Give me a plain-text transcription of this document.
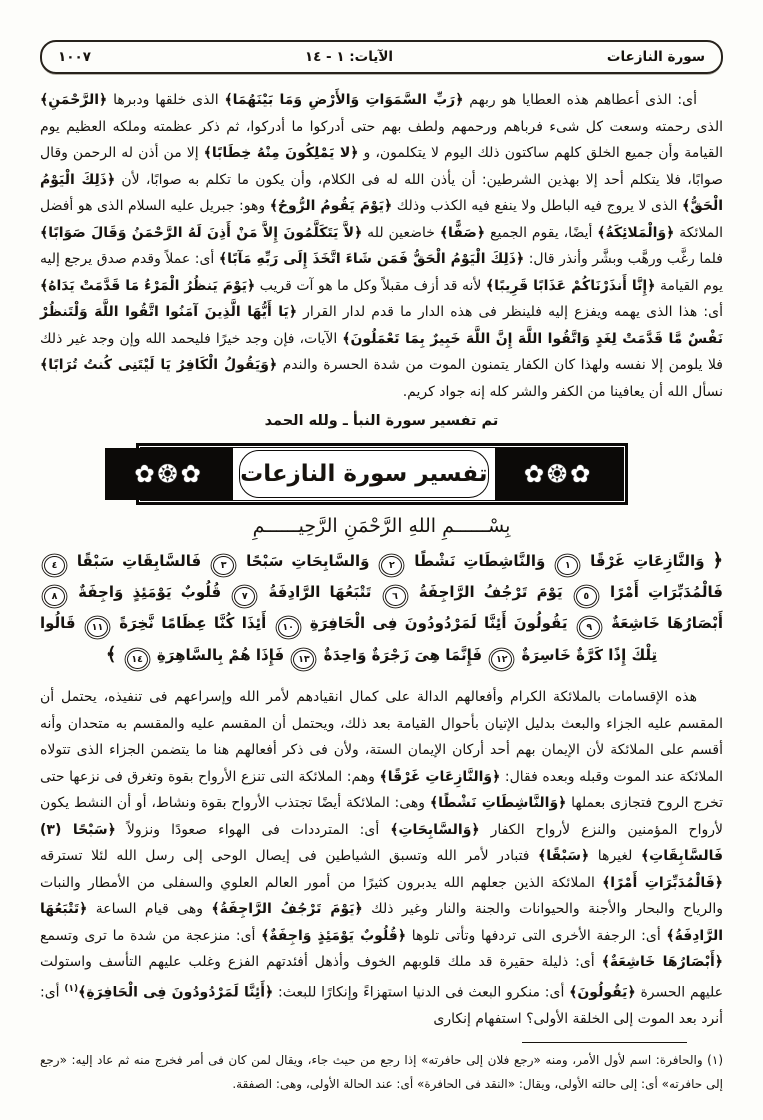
سورة النازعات
الآيات: ١ - ١٤
١٠٠٧

أى: الذى أعطاهم هذه العطايا هو ربهم ﴿رَبِّ السَّمَوَاتِ وَالأَرْضِ وَمَا بَيْنَهُمَا﴾ الذى خلقها ودبرها ﴿الرَّحْمَنِ﴾ الذى رحمته وسعت كل شىء فرباهم ورحمهم ولطف بهم حتى أدركوا ما أدركوا، ثم ذكر عظمته وملكه العظيم يوم القيامة وأن جميع الخلق كلهم ساكتون ذلك اليوم لا يتكلمون، و ﴿لا يَمْلِكُونَ مِنْهُ خِطَابًا﴾ إلا من أذن له الرحمن وقال صوابًا، فلا يتكلم أحد إلا بهذين الشرطين: أن يأذن الله له فى الكلام، وأن يكون ما تكلم به صوابًا، لأن ﴿ذَلِكَ الْيَوْمُ الْحَقُّ﴾ الذى لا يروج فيه الباطل ولا ينفع فيه الكذب وذلك ﴿يَوْمَ يَقُومُ الرُّوحُ﴾ وهو: جبريل عليه السلام الذى هو أفضل الملائكة ﴿وَالْمَلائِكَةُ﴾ أيضًا، يقوم الجميع ﴿صَفًّا﴾ خاضعين لله ﴿لاَّ يَتَكَلَّمُونَ إِلاَّ مَنْ أَذِنَ لَهُ الرَّحْمَنُ وَقَالَ صَوَابًا﴾ فلما رغَّب ورهَّب وبشَّر وأنذر قال: ﴿ذَلِكَ الْيَوْمُ الْحَقُّ فَمَن شَاءَ اتَّخَذَ إِلَى رَبِّهِ مَآبًا﴾ أى: عملاً وقدم صدق يرجع إليه يوم القيامة ﴿إِنَّا أَنذَرْنَاكُمْ عَذَابًا قَرِيبًا﴾ لأنه قد أزف مقبلاً وكل ما هو آت قريب ﴿يَوْمَ يَنظُرُ الْمَرْءُ مَا قَدَّمَتْ يَدَاهُ﴾ أى: هذا الذى يهمه ويفزع إليه فلينظر فى هذه الدار ما قدم لدار القرار ﴿يَا أَيُّهَا الَّذِينَ آمَنُوا اتَّقُوا اللَّهَ وَلْتَنظُرْ نَفْسٌ مَّا قَدَّمَتْ لِغَدٍ وَاتَّقُوا اللَّهَ إِنَّ اللَّهَ خَبِيرٌ بِمَا تَعْمَلُونَ﴾ الآيات، فإن وجد خيرًا فليحمد الله وإن وجد غير ذلك فلا يلومن إلا نفسه ولهذا كان الكفار يتمنون الموت من شدة الحسرة والندم ﴿وَيَقُولُ الْكَافِرُ يَا لَيْتَنِى كُنتُ تُرَابًا﴾ نسأل الله أن يعافينا من الكفر والشر كله إنه جواد كريم.

تم تفسير سورة النبأ ـ ولله الحمد

✿❂✿
تفسير سورة النازعات
✿❂✿

بِسْــــــمِ اللهِ الرَّحْمَنِ الرَّحِيــــــمِ

﴿ وَالنَّازِعَاتِ غَرْقًا ١ وَالنَّاشِطَاتِ نَشْطًا ٢ وَالسَّابِحَاتِ سَبْحًا ٣ فَالسَّابِقَاتِ سَبْقًا ٤ فَالْمُدَبِّرَاتِ أَمْرًا ٥ يَوْمَ تَرْجُفُ الرَّاجِفَةُ ٦ تَتْبَعُهَا الرَّادِفَةُ ٧ قُلُوبٌ يَوْمَئِذٍ وَاجِفَةٌ ٨ أَبْصَارُهَا خَاشِعَةٌ ٩ يَقُولُونَ أَئِنَّا لَمَرْدُودُونَ فِى الْحَافِرَةِ ١٠ أَئِذَا كُنَّا عِظَامًا نَّخِرَةً ١١ قَالُوا تِلْكَ إِذًا كَرَّةٌ خَاسِرَةٌ ١٢ فَإِنَّمَا هِىَ زَجْرَةٌ وَاحِدَةٌ ١٣ فَإِذَا هُمْ بِالسَّاهِرَةِ ١٤ ﴾

هذه الإقسامات بالملائكة الكرام وأفعالهم الدالة على كمال انقيادهم لأمر الله وإسراعهم فى تنفيذه، يحتمل أن المقسم عليه الجزاء والبعث بدليل الإتيان بأحوال القيامة بعد ذلك، ويحتمل أن المقسم عليه والمقسم به متحدان وأنه أقسم على الملائكة لأن الإيمان بهم أحد أركان الإيمان الستة، ولأن فى ذكر أفعالهم هنا ما يتضمن الجزاء الذى تتولاه الملائكة عند الموت وقبله وبعده فقال: ﴿وَالنَّازِعَاتِ غَرْقًا﴾ وهم: الملائكة التى تنزع الأرواح بقوة وتغرق فى نزعها حتى تخرج الروح فتجازى بعملها ﴿وَالنَّاشِطَاتِ نَشْطًا﴾ وهى: الملائكة أيضًا تجتذب الأرواح بقوة ونشاط، أو أن النشط يكون لأرواح المؤمنين والنزع لأرواح الكفار ﴿وَالسَّابِحَاتِ﴾ أى: المترددات فى الهواء صعودًا ونزولاً ﴿سَبْحًا (٣) فَالسَّابِقَاتِ﴾ لغيرها ﴿سَبْقًا﴾ فتبادر لأمر الله وتسبق الشياطين فى إيصال الوحى إلى رسل الله لئلا تسترقه ﴿فَالْمُدَبِّرَاتِ أَمْرًا﴾ الملائكة الذين جعلهم الله يدبرون كثيرًا من أمور العالم العلوي والسفلى من الأمطار والنبات والرياح والبحار والأجنة والحيوانات والجنة والنار وغير ذلك ﴿يَوْمَ تَرْجُفُ الرَّاجِفَةُ﴾ وهى قيام الساعة ﴿تَتْبَعُهَا الرَّادِفَةُ﴾ أى: الرجفة الأخرى التى تردفها وتأتى تلوها ﴿قُلُوبٌ يَوْمَئِذٍ وَاجِفَةٌ﴾ أى: منزعجة من شدة ما ترى وتسمع ﴿أَبْصَارُهَا خَاشِعَةٌ﴾ أى: ذليلة حقيرة قد ملك قلوبهم الخوف وأذهل أفئدتهم الفزع وغلب عليهم التأسف واستولت عليهم الحسرة ﴿يَقُولُونَ﴾ أى: منكرو البعث فى الدنيا استهزاءً وإنكارًا للبعث: ﴿أَئِنَّا لَمَرْدُودُونَ فِى الْحَافِرَةِ﴾$^{(١)}$ أى: أنرد بعد الموت إلى الخلقة الأولى؟ استفهام إنكارى

(١) والحافرة: اسم لأول الأمر، ومنه «رجع فلان إلى حافرته» إذا رجع من حيث جاء، ويقال لمن كان فى أمر فخرج منه ثم عاد إليه: «رجع إلى حافرته» أى: إلى حالته الأولى، ويقال: «النقد فى الحافرة» أى: عند الحالة الأولى، وهى: الصفقة.
